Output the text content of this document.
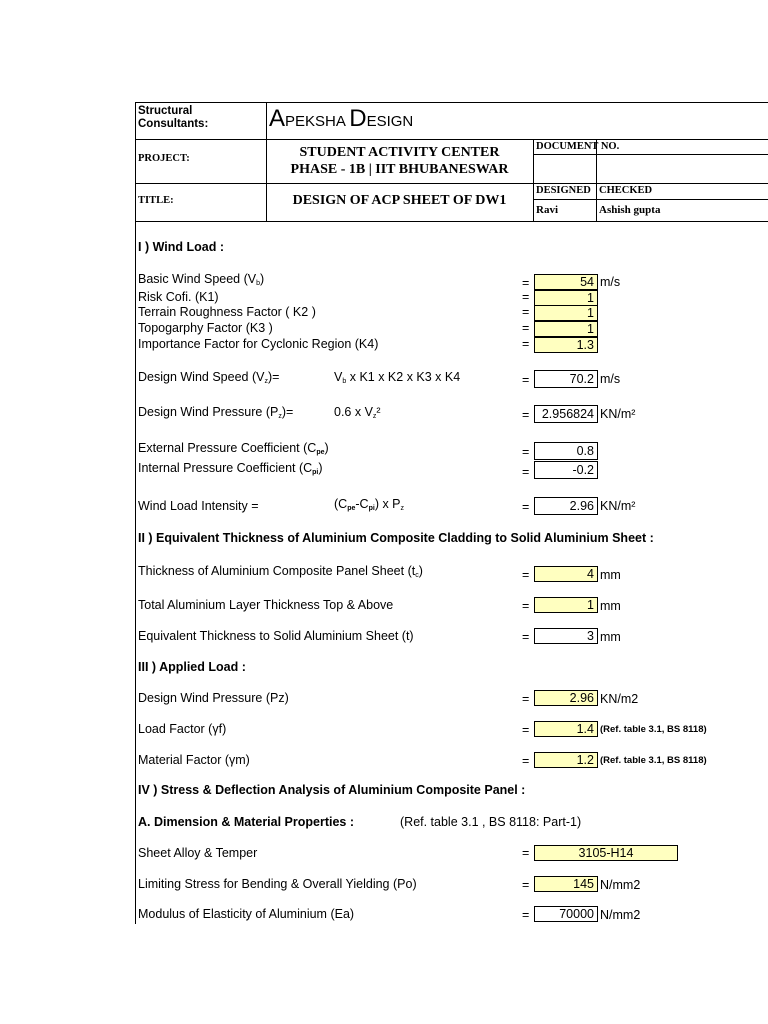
Structural Consultants:	APEKSHA DESIGN
PROJECT:	STUDENT ACTIVITY CENTER
PHASE - 1B | IIT BHUBANESWAR
DOCUMENT NO.
TITLE:	DESIGN OF ACP SHEET OF DW1
DESIGNED CHECKED
Ravi	Ashish gupta
I ) Wind Load :
Basic Wind Speed $(V_b)$	=	54 m/s
Risk Cofi. (K1)	=	1
Terrain Roughness Factor ( K2 )	=	1
Topogarphy Factor (K3 )	=	1
Importance Factor for Cyclonic Region (K4)	=	1.3
Design Wind Speed $(V_z)=$	$V_b$ x K1 x K2 x K3 x K4	=	70.2 m/s
Design Wind Pressure $(P_z)=$	0.6 x $V_z^2$	=	2.956824 KN/m²
External Pressure Coefficient $(C_{pe})$	=	0.8
Internal Pressure Coefficient $(C_{pi})$	=	-0.2
Wind Load Intensity =	$(C_{pe}-C_{pi})$ x $P_z$	=	2.96 KN/m²
II ) Equivalent Thickness of Aluminium Composite Cladding to Solid Aluminium Sheet :
Thickness of Aluminium Composite Panel Sheet $(t_c)$	=	4 mm
Total Aluminium Layer Thickness Top & Above	=	1 mm
Equivalent Thickness to Solid Aluminium Sheet (t)	=	3 mm
III ) Applied Load :
Design Wind Pressure (Pz)	=	2.96 KN/m2
Load Factor (γf)	=	1.4 (Ref. table 3.1, BS 8118)
Material Factor (γm)	=	1.2 (Ref. table 3.1, BS 8118)
IV ) Stress & Deflection Analysis of Aluminium Composite Panel :
A. Dimension & Material Properties :	(Ref. table 3.1 , BS 8118: Part-1)
Sheet Alloy & Temper	=	3105-H14
Limiting Stress for Bending & Overall Yielding (Po)	=	145 N/mm2
Modulus of Elasticity of Aluminium (Ea)	=	70000 N/mm2
